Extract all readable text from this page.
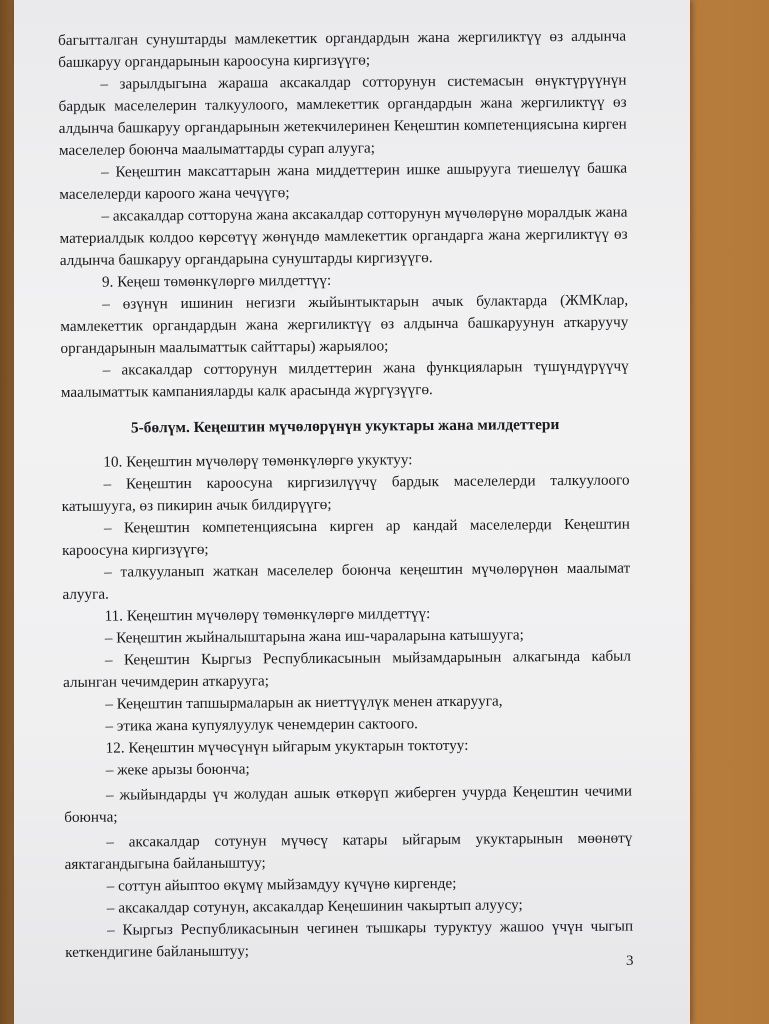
багытталган сунуштарды мамлекеттик органдардын жана жергиликтүү өз алдынча башкаруу органдарынын кароосуна киргизүүгө;

– зарылдыгына жараша аксакалдар сотторунун системасын өнүктүрүүнүн бардык маселелерин талкуулоого, мамлекеттик органдардын жана жергиликтүү өз алдынча башкаруу органдарынын жетекчилеринен Кеңештин компетенциясына кирген маселелер боюнча маалыматтарды сурап алууга;

– Кеңештин максаттарын жана миддеттерин ишке ашырууга тиешелүү башка маселелерди кароого жана чечүүгө;

– аксакалдар сотторуна жана аксакалдар сотторунун мүчөлөрүнө моралдык жана материалдык колдоо көрсөтүү жөнүндө мамлекеттик органдарга жана жергиликтүү өз алдынча башкаруу органдарына сунуштарды киргизүүгө.

9. Кеңеш төмөнкүлөргө милдеттүү:

– өзүнүн ишинин негизги жыйынтыктарын ачык булактарда (ЖМКлар, мамлекеттик органдардын жана жергиликтүү өз алдынча башкаруунун аткаруучу органдарынын маалыматтык сайттары) жарыялоо;

– аксакалдар сотторунун милдеттерин жана функцияларын түшүндүрүүчү маалыматтык кампанияларды калк арасында жүргүзүүгө.

5-бөлүм. Кеңештин мүчөлөрүнүн укуктары жана милдеттери

10. Кеңештин мүчөлөрү төмөнкүлөргө укуктуу:

– Кеңештин кароосуна киргизилүүчү бардык маселелерди талкуулоого катышууга, өз пикирин ачык билдирүүгө;

– Кеңештин компетенциясына кирген ар кандай маселелерди Кеңештин кароосуна киргизүүгө;

– талкууланып жаткан маселелер боюнча кеңештин мүчөлөрүнөн маалымат алууга.

11. Кеңештин мүчөлөрү төмөнкүлөргө милдеттүү:

– Кеңештин жыйналыштарына жана иш-чараларына катышууга;

– Кеңештин Кыргыз Республикасынын мыйзамдарынын алкагында кабыл алынган чечимдерин аткарууга;

– Кеңештин тапшырмаларын ак ниеттүүлүк менен аткарууга,

– этика жана купуялуулук ченемдерин сактоого.

12. Кеңештин мүчөсүнүн ыйгарым укуктарын токтотуу:

– жеке арызы боюнча;

– жыйындарды үч жолудан ашык өткөрүп жиберген учурда Кеңештин чечими боюнча;

– аксакалдар сотунун мүчөсү катары ыйгарым укуктарынын мөөнөтү аяктагандыгына байланыштуу;

– соттун айыптоо өкүмү мыйзамдуу күчүнө киргенде;

– аксакалдар сотунун, аксакалдар Кеңешинин чакыртып алуусу;

– Кыргыз Республикасынын чегинен тышкары туруктуу жашоо үчүн чыгып кеткендигине байланыштуу;

3
